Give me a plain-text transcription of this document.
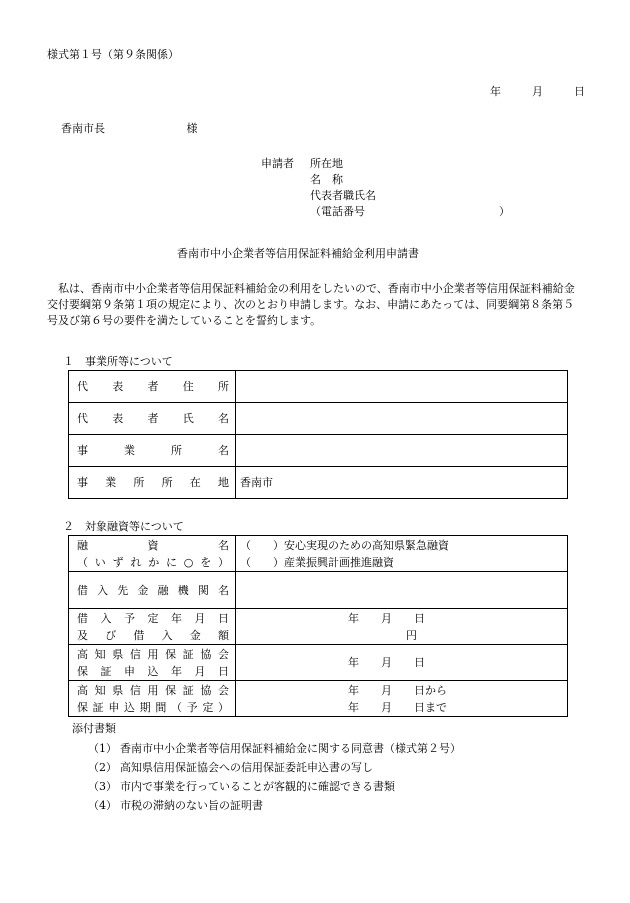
様式第１号（第９条関係）
年	月	日
香南市長	様
申請者	所在地
名　称
代表者職氏名
（電話番号	）
香南市中小企業者等信用保証料補給金利用申請書
私は、香南市中小企業者等信用保証料補給金の利用をしたいので、香南市中小企業者等信用保証料補給金交付要綱第９条第１項の規定により、次のとおり申請します。なお、申請にあたっては、同要綱第８条第５号及び第６号の要件を満たしていることを誓約します。
１　事業所等について
代表者住所	
代表者氏名	
事業所名	
事業所所在地	香南市
２　対象融資等について
融資名
（いずれかに○を）	（　　）安心実現のための高知県緊急融資
（　　）産業振興計画推進融資

借入先金融機関名	

借入予定年月日
及び借入金額	年　　月　　日
円

高知県信用保証協会
保証申込年月日	年　　月　　日

高知県信用保証協会
保証申込期間（予定）	年　　月　　日から
年　　月　　日まで
添付書類
（1） 香南市中小企業者等信用保証料補給金に関する同意書（様式第２号）
（2） 高知県信用保証協会への信用保証委託申込書の写し
（3） 市内で事業を行っていることが客観的に確認できる書類
（4） 市税の滞納のない旨の証明書
